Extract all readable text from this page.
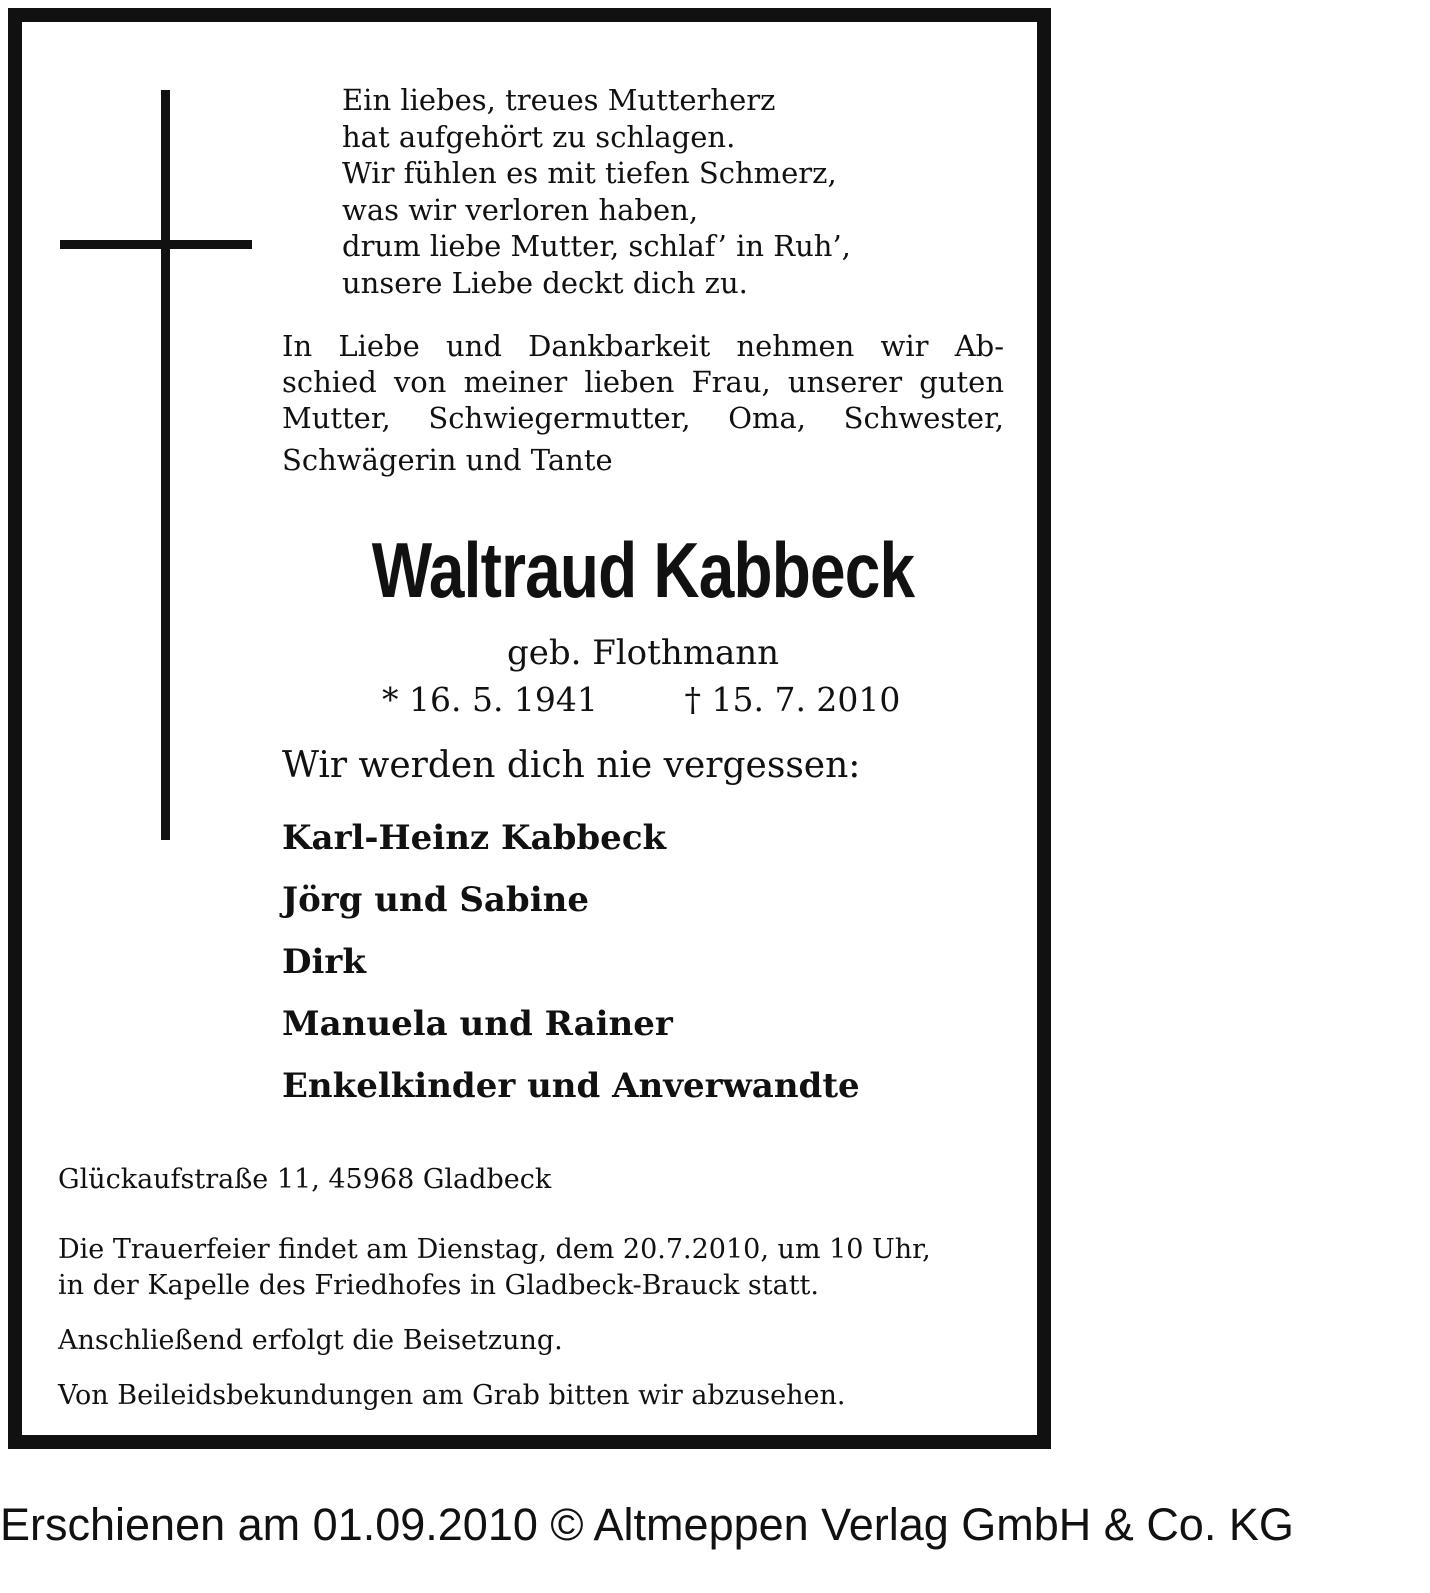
Ein liebes, treues Mutterherz
hat aufgehört zu schlagen.
Wir fühlen es mit tiefen Schmerz,
was wir verloren haben,
drum liebe Mutter, schlaf’ in Ruh’,
unsere Liebe deckt dich zu.
In Liebe und Dankbarkeit nehmen wir Ab-
schied von meiner lieben Frau, unserer guten
Mutter, Schwiegermutter, Oma, Schwester,
Schwägerin und Tante
Waltraud Kabbeck
geb. Flothmann
* 16. 5. 1941	† 15. 7. 2010
Wir werden dich nie vergessen:
Karl-Heinz Kabbeck
Jörg und Sabine
Dirk
Manuela und Rainer
Enkelkinder und Anverwandte
Glückaufstraße 11, 45968 Gladbeck
Die Trauerfeier findet am Dienstag, dem 20.7.2010, um 10 Uhr,
in der Kapelle des Friedhofes in Gladbeck-Brauck statt.
Anschließend erfolgt die Beisetzung.
Von Beileidsbekundungen am Grab bitten wir abzusehen.
Erschienen am 01.09.2010 © Altmeppen Verlag GmbH & Co. KG
